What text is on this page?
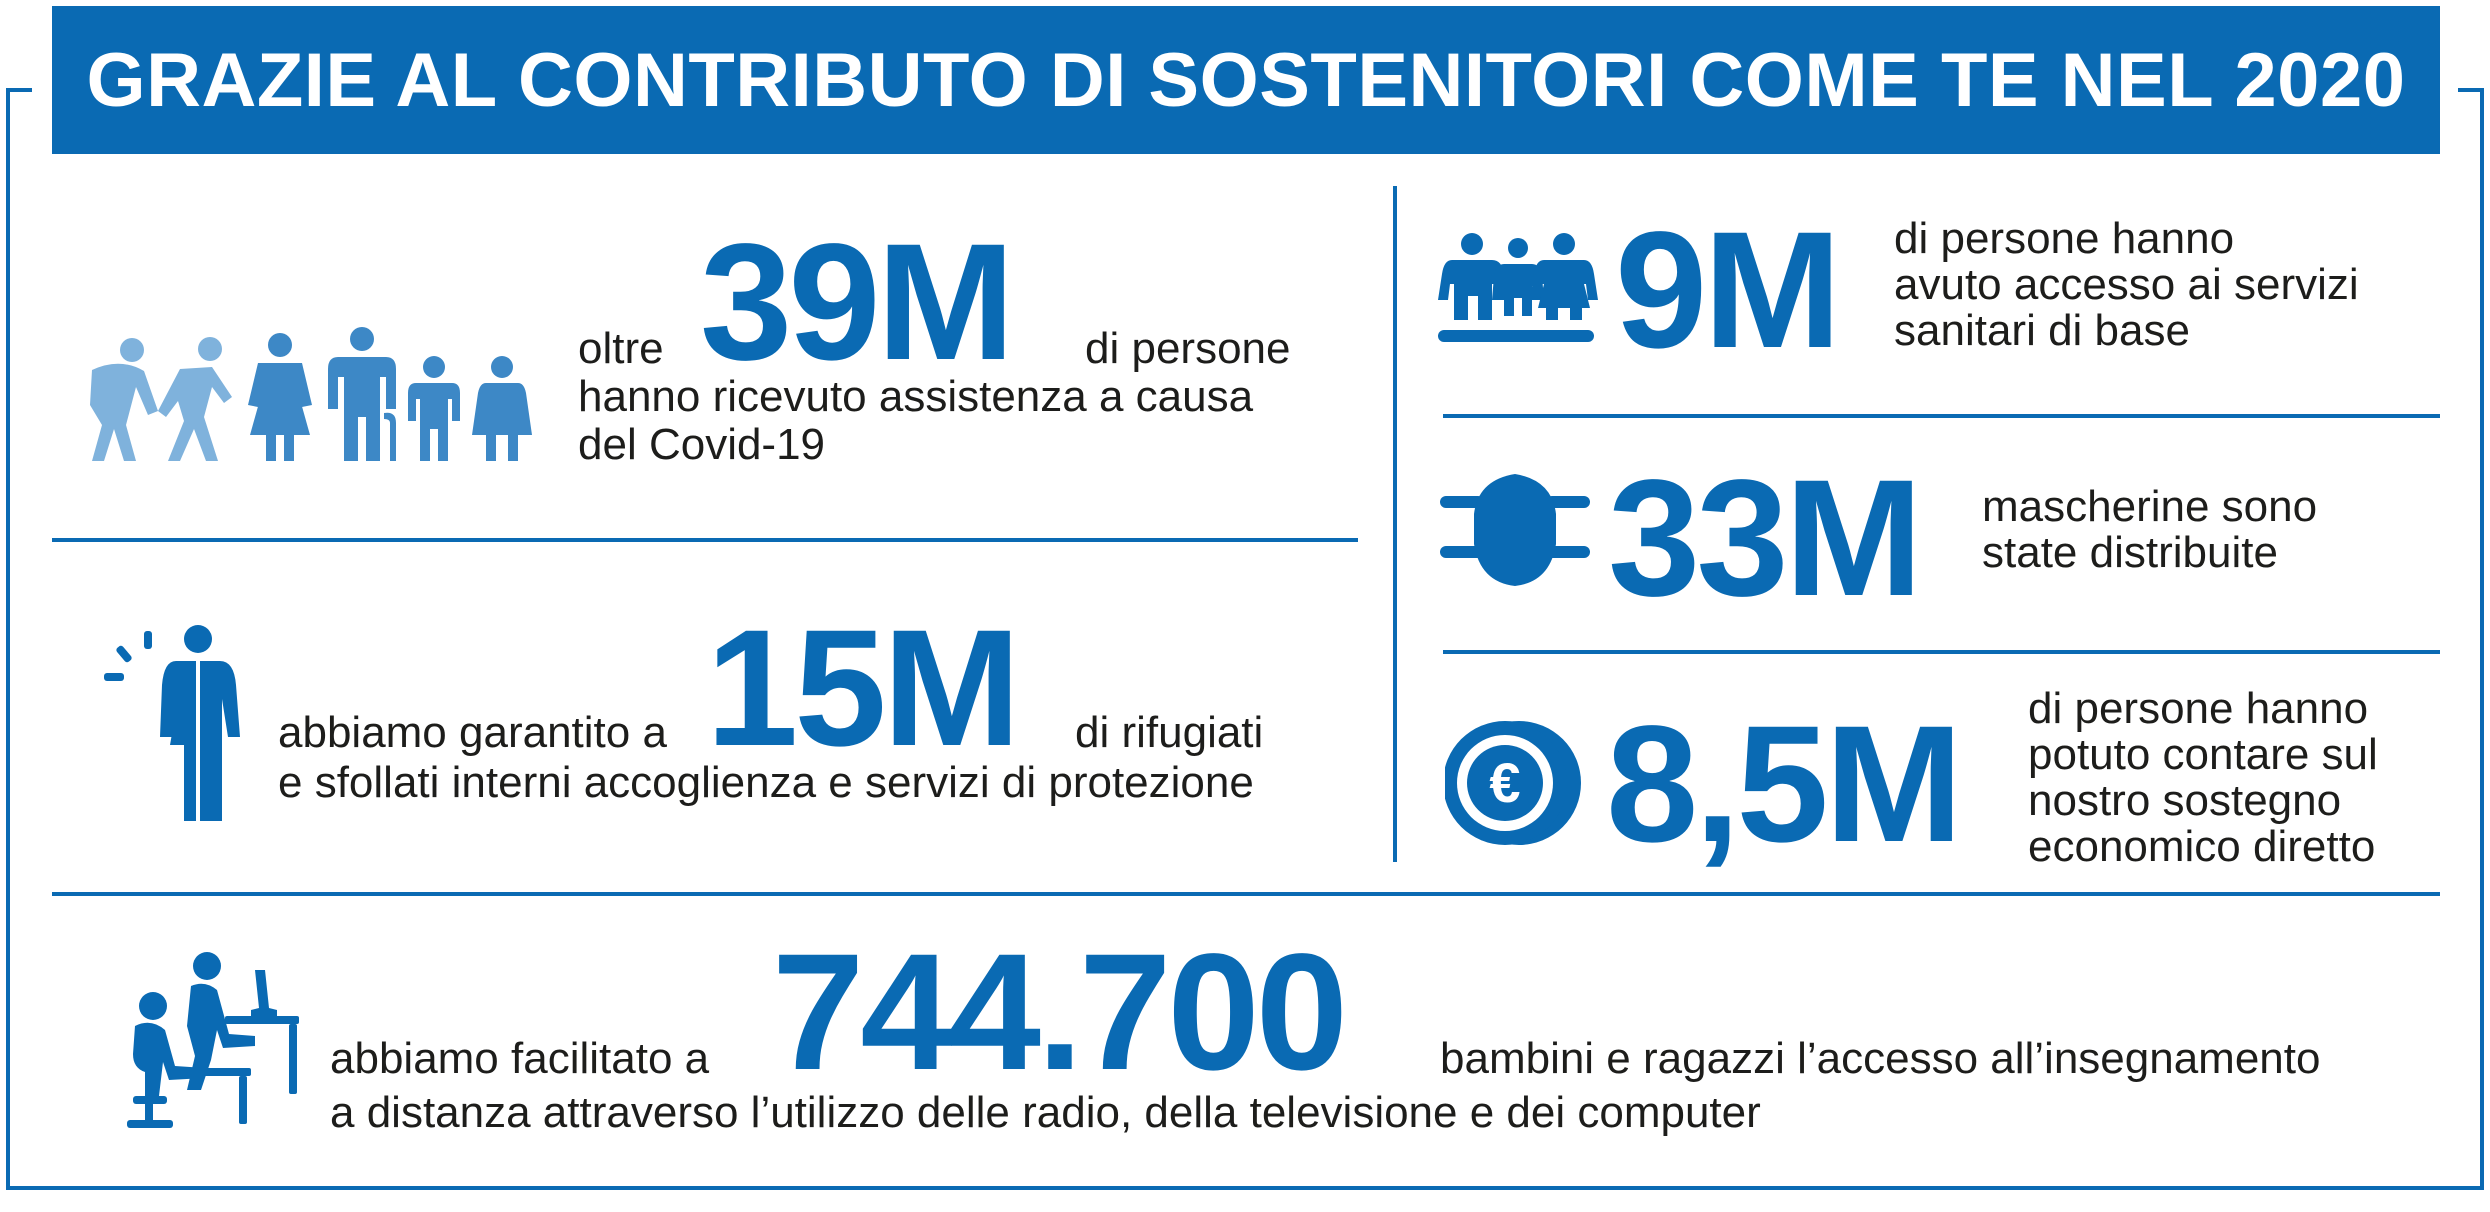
GRAZIE AL CONTRIBUTO DI SOSTENITORI COME TE NEL 2020
oltre 39M di persone
hanno ricevuto assistenza a causa
del Covid-19
abbiamo garantito a 15M di rifugiati
e sfollati interni accoglienza e servizi di protezione
9M di persone hanno
avuto accesso ai servizi
sanitari di base
33M mascherine sono
state distribuite
€ 8,5M di persone hanno
potuto contare sul
nostro sostegno
economico diretto
abbiamo facilitato a 744.700 bambini e ragazzi l’accesso all’insegnamento
a distanza attraverso l’utilizzo delle radio, della televisione e dei computer
